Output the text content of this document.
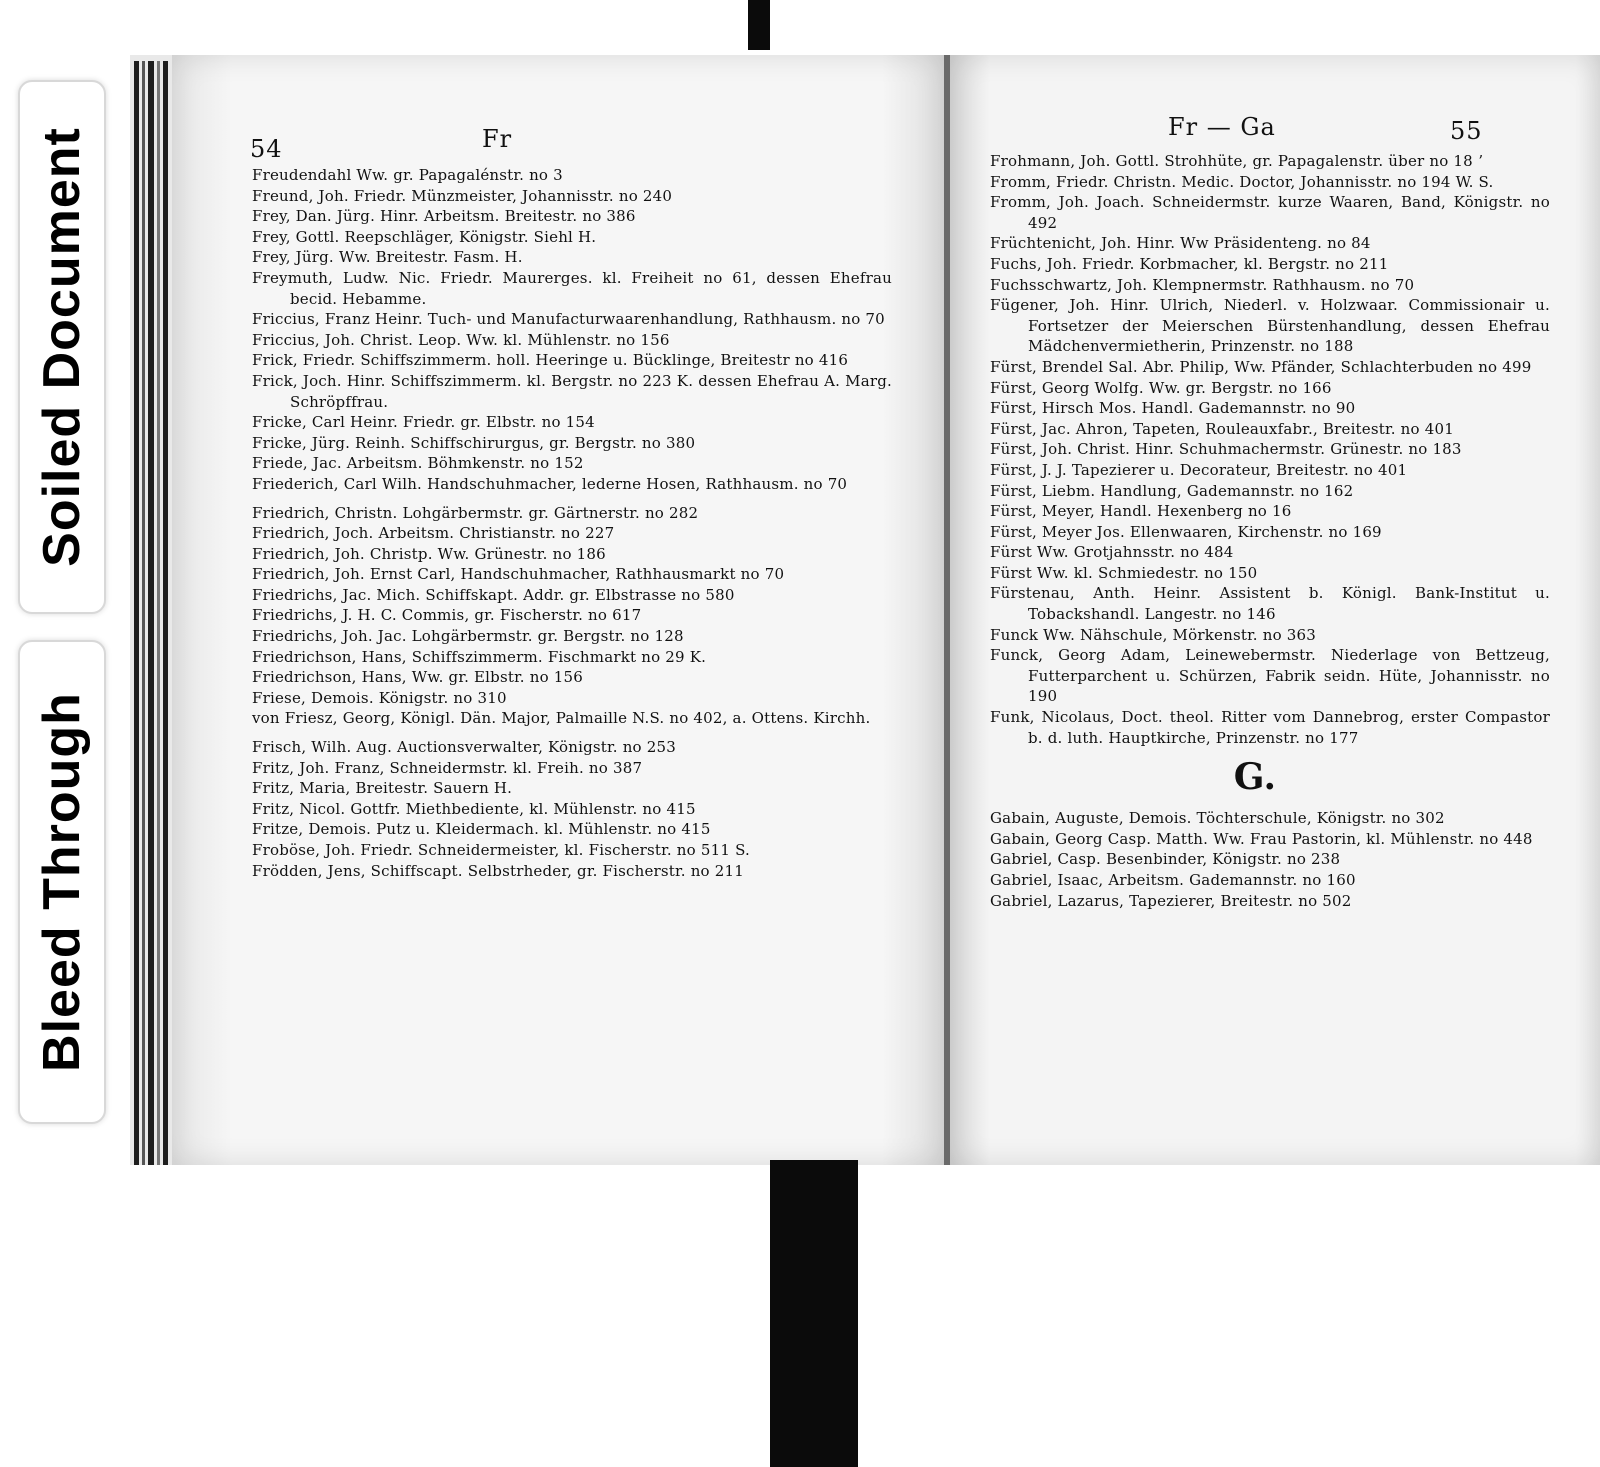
Soiled Document
Bleed Through
54	Fr

Freudendahl Ww. gr. Papagalénstr. no 3

Freund, Joh. Friedr. Münzmeister, Johannisstr. no 240

Frey, Dan. Jürg. Hinr. Arbeitsm. Breitestr. no 386

Frey, Gottl. Reepschläger, Königstr. Siehl H.

Frey, Jürg. Ww. Breitestr. Fasm. H.

Freymuth, Ludw. Nic. Friedr. Maurerges. kl. Freiheit no 61, dessen Ehefrau becid. Hebamme.

Friccius, Franz Heinr. Tuch- und Manufacturwaarenhandlung, Rathhausm. no 70

Friccius, Joh. Christ. Leop. Ww. kl. Mühlenstr. no 156

Frick, Friedr. Schiffszimmerm. holl. Heeringe u. Bücklinge, Breitestr no 416

Frick, Joch. Hinr. Schiffszimmerm. kl. Bergstr. no 223 K. dessen Ehefrau A. Marg. Schröpffrau.

Fricke, Carl Heinr. Friedr. gr. Elbstr. no 154

Fricke, Jürg. Reinh. Schiffschirurgus, gr. Bergstr. no 380

Friede, Jac. Arbeitsm. Böhmkenstr. no 152

Friederich, Carl Wilh. Handschuhmacher, lederne Hosen, Rathhausm. no 70

Friedrich, Christn. Lohgärbermstr. gr. Gärtnerstr. no 282

Friedrich, Joch. Arbeitsm. Christianstr. no 227

Friedrich, Joh. Christp. Ww. Grünestr. no 186

Friedrich, Joh. Ernst Carl, Handschuhmacher, Rathhausmarkt no 70

Friedrichs, Jac. Mich. Schiffskapt. Addr. gr. Elbstrasse no 580

Friedrichs, J. H. C. Commis, gr. Fischerstr. no 617

Friedrichs, Joh. Jac. Lohgärbermstr. gr. Bergstr. no 128

Friedrichson, Hans, Schiffszimmerm. Fischmarkt no 29 K.

Friedrichson, Hans, Ww. gr. Elbstr. no 156

Friese, Demois. Königstr. no 310

von Friesz, Georg, Königl. Dän. Major, Palmaille N.S. no 402, a. Ottens. Kirchh.

Frisch, Wilh. Aug. Auctionsverwalter, Königstr. no 253

Fritz, Joh. Franz, Schneidermstr. kl. Freih. no 387

Fritz, Maria, Breitestr. Sauern H.

Fritz, Nicol. Gottfr. Miethbediente, kl. Mühlenstr. no 415

Fritze, Demois. Putz u. Kleidermach. kl. Mühlenstr. no 415

Froböse, Joh. Friedr. Schneidermeister, kl. Fischerstr. no 511 S.

Frödden, Jens, Schiffscapt. Selbstrheder, gr. Fischerstr. no 211

Fr — Ga	55

Frohmann, Joh. Gottl. Strohhüte, gr. Papagalenstr. über no 18 ʼ

Fromm, Friedr. Christn. Medic. Doctor, Johannisstr. no 194 W. S.

Fromm, Joh. Joach. Schneidermstr. kurze Waaren, Band, Königstr. no 492

Früchtenicht, Joh. Hinr. Ww Präsidenteng. no 84

Fuchs, Joh. Friedr. Korbmacher, kl. Bergstr. no 211

Fuchsschwartz, Joh. Klempnermstr. Rathhausm. no 70

Fügener, Joh. Hinr. Ulrich, Niederl. v. Holzwaar. Commissionair u. Fortsetzer der Meierschen Bürstenhandlung, dessen Ehefrau Mädchenvermietherin, Prinzenstr. no 188

Fürst, Brendel Sal. Abr. Philip, Ww. Pfänder, Schlachterbuden no 499

Fürst, Georg Wolfg. Ww. gr. Bergstr. no 166

Fürst, Hirsch Mos. Handl. Gademannstr. no 90

Fürst, Jac. Ahron, Tapeten, Rouleauxfabr., Breitestr. no 401

Fürst, Joh. Christ. Hinr. Schuhmachermstr. Grünestr. no 183

Fürst, J. J. Tapezierer u. Decorateur, Breitestr. no 401

Fürst, Liebm. Handlung, Gademannstr. no 162

Fürst, Meyer, Handl. Hexenberg no 16

Fürst, Meyer Jos. Ellenwaaren, Kirchenstr. no 169

Fürst Ww. Grotjahnsstr. no 484

Fürst Ww. kl. Schmiedestr. no 150

Fürstenau, Anth. Heinr. Assistent b. Königl. Bank-Institut u. Tobackshandl. Langestr. no 146

Funck Ww. Nähschule, Mörkenstr. no 363

Funck, Georg Adam, Leinewebermstr. Niederlage von Bettzeug, Futterparchent u. Schürzen, Fabrik seidn. Hüte, Johannisstr. no 190

Funk, Nicolaus, Doct. theol. Ritter vom Dannebrog, erster Compastor b. d. luth. Hauptkirche, Prinzenstr. no 177

G.

Gabain, Auguste, Demois. Töchterschule, Königstr. no 302

Gabain, Georg Casp. Matth. Ww. Frau Pastorin, kl. Mühlenstr. no 448

Gabriel, Casp. Besenbinder, Königstr. no 238

Gabriel, Isaac, Arbeitsm. Gademannstr. no 160

Gabriel, Lazarus, Tapezierer, Breitestr. no 502
